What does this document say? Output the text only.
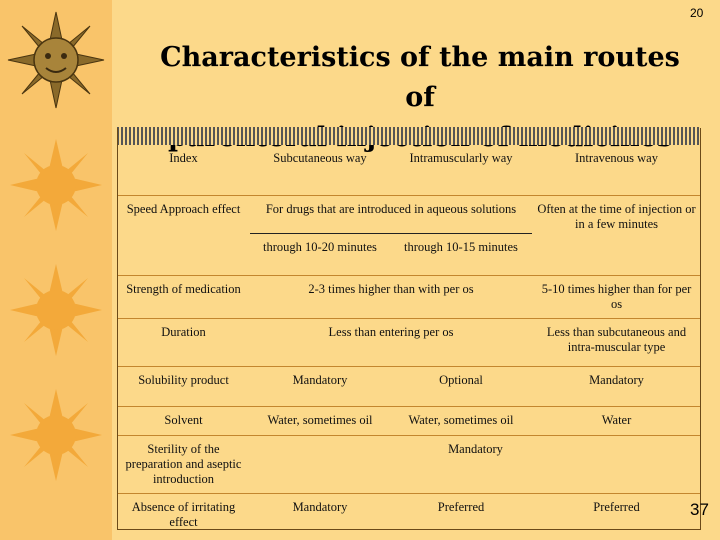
20
Characteristics of the main routes of
Index	Subcutaneous way	Intramuscularly way	Intravenous way
Speed Approach effect	For drugs that are introduced in aqueous solutions		Often at the time of injection or in a few minutes
	through 10-20 minutes	through 10-15 minutes	
Strength of medication	2-3 times higher than with per os		5-10 times higher than for per os
Duration	Less than entering per os		Less than subcutaneous and intra-muscular type
Solubility product	Mandatory	Optional	Mandatory
Solvent	Water, sometimes oil	Water, sometimes oil	Water
Sterility of the preparation and aseptic introduction	Mandatory		
Absence of irritating effect	Mandatory	Preferred	Preferred	37
